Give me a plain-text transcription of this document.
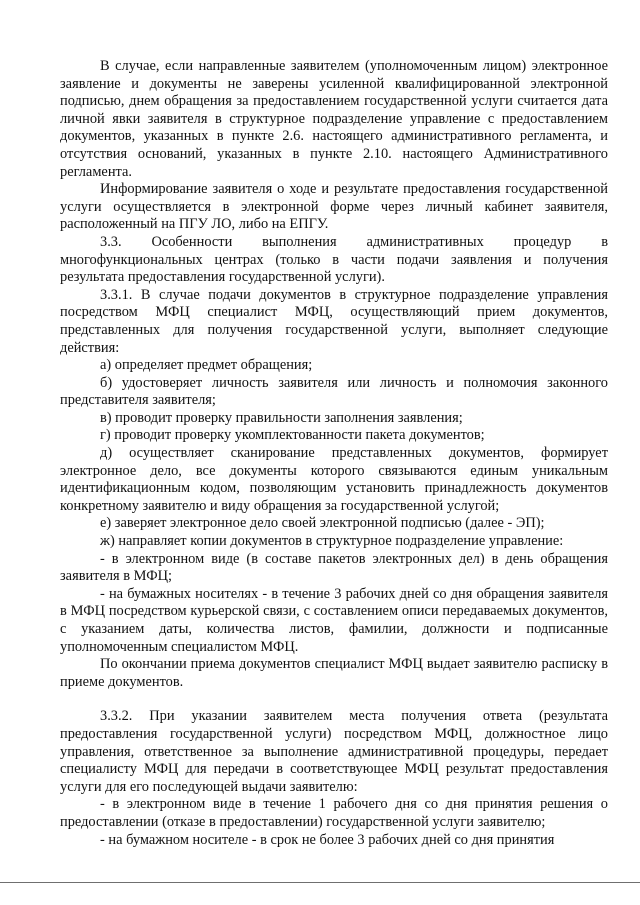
В случае, если направленные заявителем (уполномоченным лицом) электронное заявление и документы не заверены усиленной квалифицированной электронной подписью, днем обращения за предоставлением государственной услуги считается дата личной явки заявителя в структурное подразделение управление с предоставлением документов, указанных в пункте 2.6. настоящего административного регламента, и отсутствия оснований, указанных в пункте 2.10. настоящего Административного регламента.

Информирование заявителя о ходе и результате предоставления государственной услуги осуществляется в электронной форме через личный кабинет заявителя, расположенный на ПГУ ЛО, либо на ЕПГУ.

3.3. Особенности выполнения административных процедур в многофункциональных центрах (только в части подачи заявления и получения результата предоставления государственной услуги).

3.3.1. В случае подачи документов в структурное подразделение управления посредством МФЦ специалист МФЦ, осуществляющий прием документов, представленных для получения государственной услуги, выполняет следующие действия:

а) определяет предмет обращения;

б) удостоверяет личность заявителя или личность и полномочия законного представителя заявителя;

в) проводит проверку правильности заполнения заявления;

г) проводит проверку укомплектованности пакета документов;

д) осуществляет сканирование представленных документов, формирует электронное дело, все документы которого связываются единым уникальным идентификационным кодом, позволяющим установить принадлежность документов конкретному заявителю и виду обращения за государственной услугой;

е) заверяет электронное дело своей электронной подписью (далее - ЭП);

ж) направляет копии документов в структурное подразделение управление:

- в электронном виде (в составе пакетов электронных дел) в день обращения заявителя в МФЦ;

- на бумажных носителях - в течение 3 рабочих дней со дня обращения заявителя в МФЦ посредством курьерской связи, с составлением описи передаваемых документов, с указанием даты, количества листов, фамилии, должности и подписанные уполномоченным специалистом МФЦ.

По окончании приема документов специалист МФЦ выдает заявителю расписку в приеме документов.

3.3.2. При указании заявителем места получения ответа (результата предоставления государственной услуги) посредством МФЦ, должностное лицо управления, ответственное за выполнение административной процедуры, передает специалисту МФЦ для передачи в соответствующее МФЦ результат предоставления услуги для его последующей выдачи заявителю:

- в электронном виде в течение 1 рабочего дня со дня принятия решения о предоставлении (отказе в предоставлении) государственной услуги заявителю;

- на бумажном носителе - в срок не более 3 рабочих дней со дня принятия
